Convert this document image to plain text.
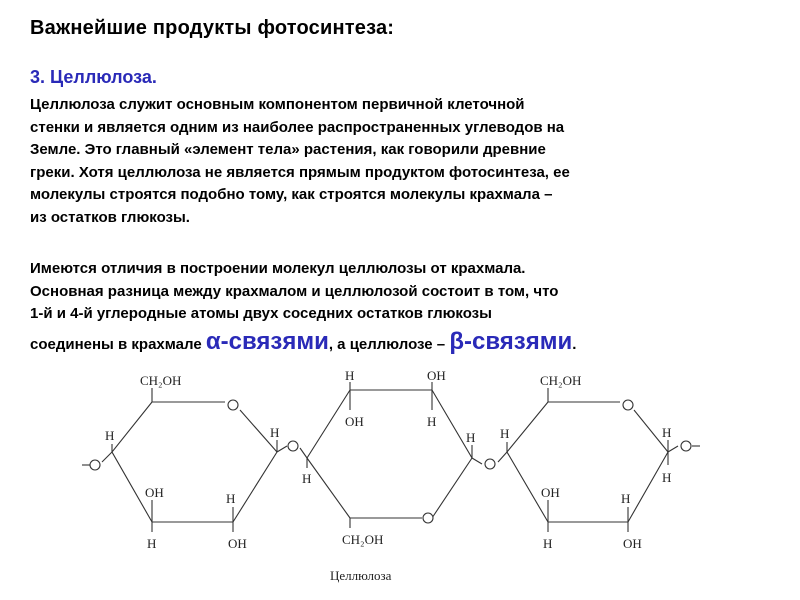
Важнейшие продукты фотосинтеза:
3. Целлюлоза.
Целлюлоза служит основным компонентом первичной клеточной
стенки и является одним из наиболее распространенных углеводов на
Земле. Это главный «элемент тела» растения, как говорили древние
греки. Хотя целлюлоза не является прямым продуктом фотосинтеза, ее
молекулы строятся подобно тому, как строятся молекулы крахмала –
из остатков глюкозы.
Имеются отличия в построении молекул целлюлозы от крахмала.
Основная разница между крахмалом и целлюлозой состоит в том, что
1-й и 4-й углеродные атомы двух соседних остатков глюкозы
соединены в крахмале α-связями, а целлюлозе – β-связями.
CH₂OH
H
OH
H
H
OH
H
H
H
OH
OH
H
H
CH₂OH
CH₂OH
H
OH
H
H
OH
H
H
Целлюлоза
